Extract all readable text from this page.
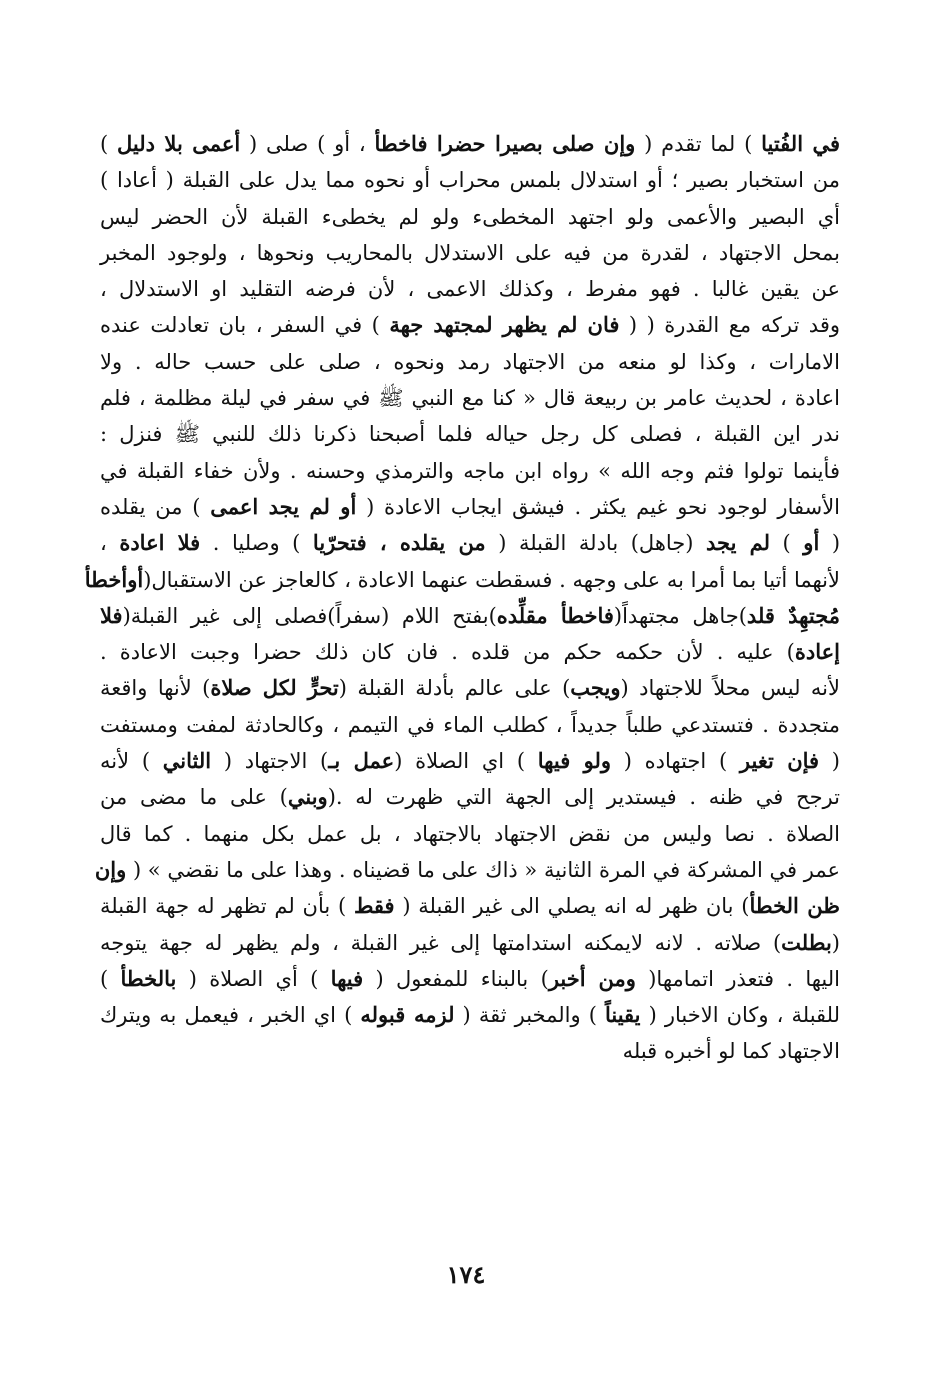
في الفُتيا ) لما تقدم ( وإن صلى بصيرا حضرا فاخطأ ، أو ) صلى ( أعمى بلا دليل )
من استخبار بصير ؛ أو استدلال بلمس محراب أو نحوه مما يدل على القبلة ( أعادا )
أي البصير والأعمى ولو اجتهد المخطىء ولو لم يخطىء القبلة لأن الحضر ليس
بمحل الاجتهاد ، لقدرة من فيه على الاستدلال بالمحاريب ونحوها ، ولوجود المخبر
عن يقين غالبا . فهو مفرط ، وكذلك الاعمى ، لأن فرضه التقليد او الاستدلال ،
وقد تركه مع القدرة ( ( فان لم يظهر لمجتهد جهة ) في السفر ، بان تعادلت عنده
الامارات ، وكذا لو منعه من الاجتهاد رمد ونحوه ، صلى على حسب حاله . ولا
اعادة ، لحديث عامر بن ربيعة قال « كنا مع النبي ﷺ في سفر في ليلة مظلمة ، فلم
ندر اين القبلة ، فصلى كل رجل حياله فلما أصبحنا ذكرنا ذلك للنبي ﷺ فنزل :
فأينما تولوا فثم وجه الله » رواه ابن ماجه والترمذي وحسنه . ولأن خفاء القبلة في
الأسفار لوجود نحو غيم يكثر . فيشق ايجاب الاعادة ( أو لم يجد اعمى ) من يقلده
( أو ) لم يجد (جاهل) بادلة القبلة ( من يقلده ، فتحرّيا ) وصليا . فلا اعادة ،
لأنهما أتيا بما أمرا به على وجهه . فسقطت عنهما الاعادة ، كالعاجز عن الاستقبال(أوأخطأ
مُجتهِدٌ قلد)جاهل مجتهداً(فاخطأ مقلِّده)بفتح اللام (سفراً)فصلى إلى غير القبلة(فلا
إعادة) عليه . لأن حكمه حكم من قلده . فان كان ذلك حضرا وجبت الاعادة .
لأنه ليس محلاً للاجتهاد (ويجب) على عالم بأدلة القبلة (تحرٍّ لكل صلاة) لأنها واقعة
متجددة . فتستدعي طلباً جديداً ، كطلب الماء في التيمم ، وكالحادثة لمفت ومستفت
( فإن تغير ) اجتهاده ( ولو فيها ) اي الصلاة (عمل بـ) الاجتهاد ( الثاني ) لأنه
ترجح في ظنه . فيستدير إلى الجهة التي ظهرت له .(وبني) على ما مضى من
الصلاة . نصا وليس من نقض الاجتهاد بالاجتهاد ، بل عمل بكل منهما . كما قال
عمر في المشركة في المرة الثانية « ذاك على ما قضيناه . وهذا على ما نقضي » ( وإن
ظن الخطأ) بان ظهر له انه يصلي الى غير القبلة ( فقط ) بأن لم تظهر له جهة القبلة
(بطلت) صلاته . لانه لايمكنه استدامتها إلى غير القبلة ، ولم يظهر له جهة يتوجه
اليها . فتعذر اتمامها( ومن أخبر) بالبناء للمفعول ( فيها ) أي الصلاة ( بالخطأ )
للقبلة ، وكان الاخبار ( يقيناً ) والمخبر ثقة ( لزمه قبوله ) اي الخبر ، فيعمل به ويترك
الاجتهاد كما لو أخبره قبله
١٧٤
